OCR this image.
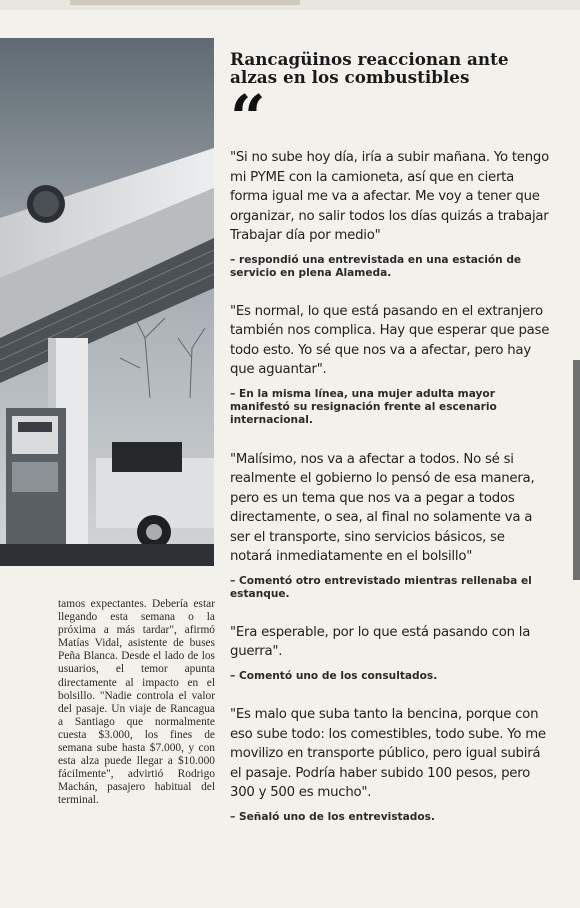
tamos expectantes. Debería estar llegando esta semana o la próxima a más tardar", afirmó Matías Vidal, asistente de buses Peña Blanca. Desde el lado de los usuarios, el temor apunta directamente al impacto en el bolsillo. "Nadie controla el valor del pasaje. Un viaje de Rancagua a Santiago que normalmente cuesta $3.000, los fines de semana sube hasta $7.000, y con esta alza puede llegar a $10.000 fácilmente", advirtió Rodrigo Machán, pasajero habitual del terminal.

Rancagüinos reaccionan ante alzas en los combustibles
“

"Si no sube hoy día, iría a subir mañana. Yo tengo mi PYME con la camioneta, así que en cierta forma igual me va a afectar. Me voy a tener que organizar, no salir todos los días quizás a trabajar Trabajar día por medio"

– respondió una entrevistada en una estación de servicio en plena Alameda.

"Es normal, lo que está pasando en el extranjero también nos complica. Hay que esperar que pase todo esto. Yo sé que nos va a afectar, pero hay que aguantar".

– En la misma línea, una mujer adulta mayor manifestó su resignación frente al escenario internacional.

"Malísimo, nos va a afectar a todos. No sé si realmente el gobierno lo pensó de esa manera, pero es un tema que nos va a pegar a todos directamente, o sea, al final no solamente va a ser el transporte, sino servicios básicos, se notará inmediatamente en el bolsillo"

– Comentó otro entrevistado mientras rellenaba el estanque.

"Era esperable, por lo que está pasando con la guerra".

– Comentó uno de los consultados.

"Es malo que suba tanto la bencina, porque con eso sube todo: los comestibles, todo sube. Yo me movilizo en transporte público, pero igual subirá el pasaje. Podría haber subido 100 pesos, pero 300 y 500 es mucho".

– Señaló uno de los entrevistados.
